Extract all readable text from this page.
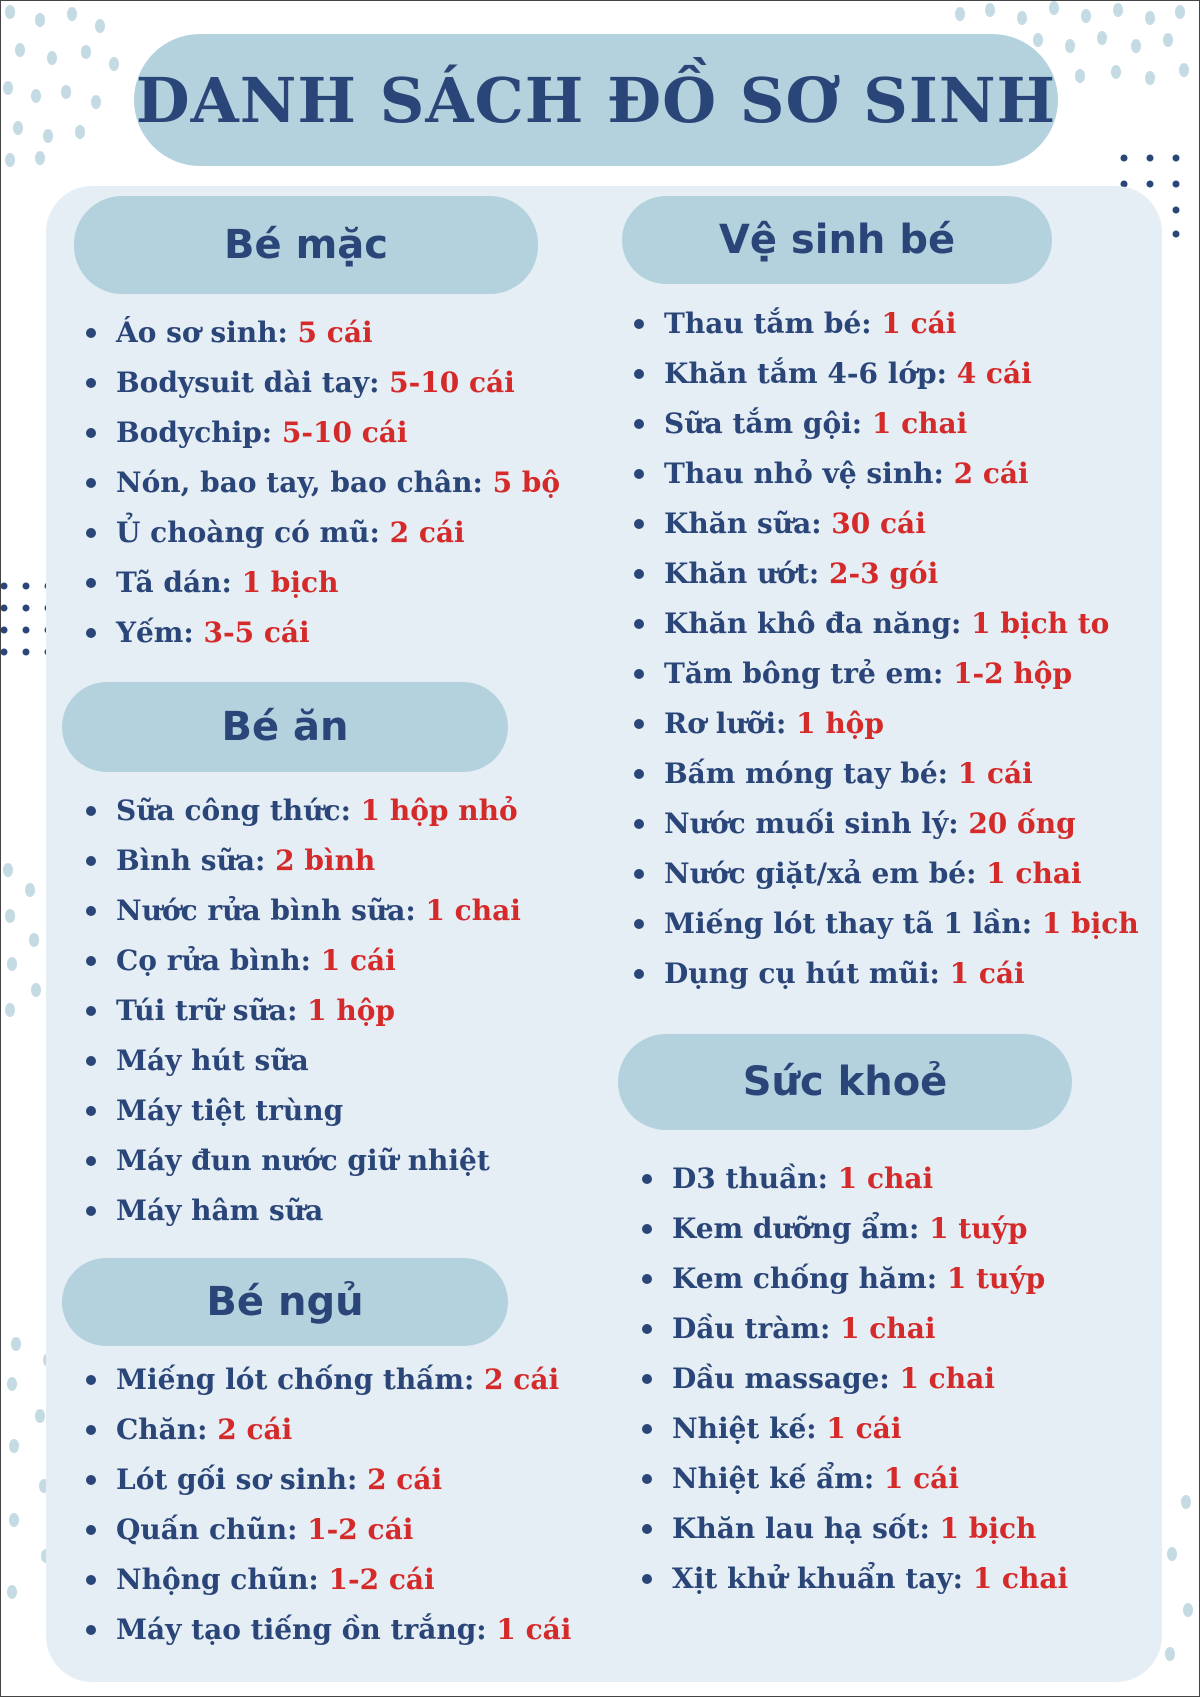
DANH SÁCH ĐỒ SƠ SINH
Bé mặc
Áo sơ sinh: 5 cái
Bodysuit dài tay: 5-10 cái
Bodychip: 5-10 cái
Nón, bao tay, bao chân: 5 bộ
Ủ choàng có mũ: 2 cái
Tã dán: 1 bịch
Yếm: 3-5 cái
Bé ăn
Sữa công thức: 1 hộp nhỏ
Bình sữa: 2 bình
Nước rửa bình sữa: 1 chai
Cọ rửa bình: 1 cái
Túi trữ sữa: 1 hộp
Máy hút sữa
Máy tiệt trùng
Máy đun nước giữ nhiệt
Máy hâm sữa
Bé ngủ
Miếng lót chống thấm: 2 cái
Chăn: 2 cái
Lót gối sơ sinh: 2 cái
Quấn chũn: 1-2 cái
Nhộng chũn: 1-2 cái
Máy tạo tiếng ồn trắng: 1 cái
Vệ sinh bé
Thau tắm bé: 1 cái
Khăn tắm 4-6 lớp: 4 cái
Sữa tắm gội: 1 chai
Thau nhỏ vệ sinh: 2 cái
Khăn sữa: 30 cái
Khăn ướt: 2-3 gói
Khăn khô đa năng: 1 bịch to
Tăm bông trẻ em: 1-2 hộp
Rơ lưỡi: 1 hộp
Bấm móng tay bé: 1 cái
Nước muối sinh lý: 20 ống
Nước giặt/xả em bé: 1 chai
Miếng lót thay tã 1 lần: 1 bịch
Dụng cụ hút mũi: 1 cái
Sức khoẻ
D3 thuần: 1 chai
Kem dưỡng ẩm: 1 tuýp
Kem chống hăm: 1 tuýp
Dầu tràm: 1 chai
Dầu massage: 1 chai
Nhiệt kế: 1 cái
Nhiệt kế ẩm: 1 cái
Khăn lau hạ sốt: 1 bịch
Xịt khử khuẩn tay: 1 chai
